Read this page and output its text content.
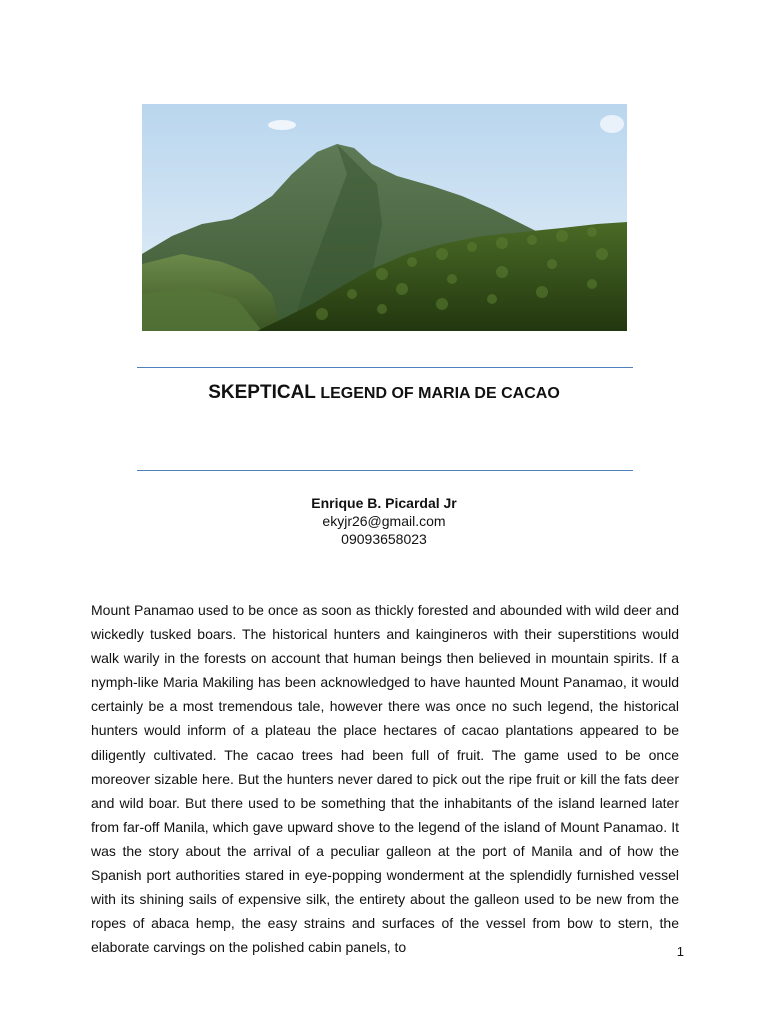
SKEPTICAL LEGEND OF MARIA DE CACAO
Enrique B. Picardal Jr
ekyjr26@gmail.com
09093658023

Mount Panamao used to be once as soon as thickly forested and abounded with wild deer and wickedly tusked boars. The historical hunters and kaingineros with their superstitions would walk warily in the forests on account that human beings then believed in mountain spirits. If a nymph-like Maria Makiling has been acknowledged to have haunted Mount Panamao, it would certainly be a most tremendous tale, however there was once no such legend, the historical hunters would inform of a plateau the place hectares of cacao plantations appeared to be diligently cultivated. The cacao trees had been full of fruit. The game used to be once moreover sizable here. But the hunters never dared to pick out the ripe fruit or kill the fats deer and wild boar. But there used to be something that the inhabitants of the island learned later from far-off Manila, which gave upward shove to the legend of the island of Mount Panamao. It was the story about the arrival of a peculiar galleon at the port of Manila and of how the Spanish port authorities stared in eye-popping wonderment at the splendidly furnished vessel with its shining sails of expensive silk, the entirety about the galleon used to be new from the ropes of abaca hemp, the easy strains and surfaces of the vessel from bow to stern, the elaborate carvings on the polished cabin panels, to	1
